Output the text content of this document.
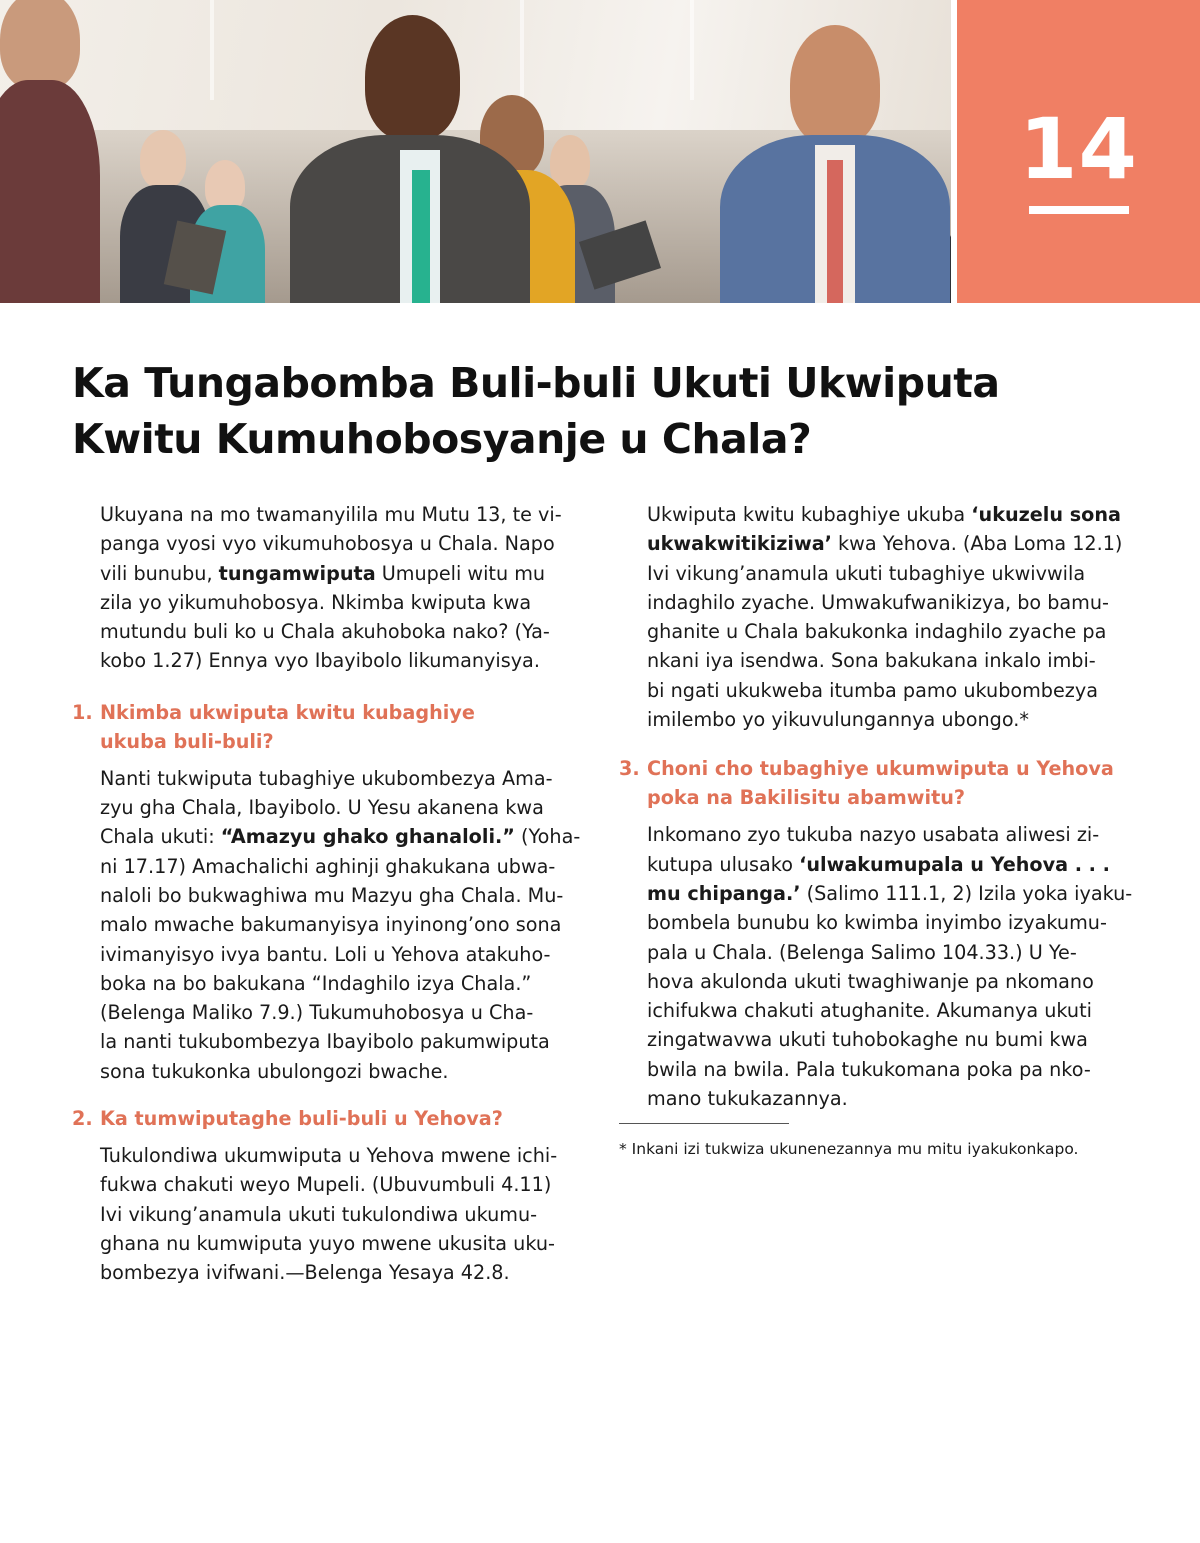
14
Ka Tungabomba Buli-buli Ukuti Ukwiputa
Kwitu Kumuhobosyanje u Chala?
Ukuyana na mo twamanyilila mu Mutu 13, te vi-
panga vyosi vyo vikumuhobosya u Chala. Napo
vili bunubu, tungamwiputa Umupeli witu mu
zila yo yikumuhobosya. Nkimba kwiputa kwa
mutundu buli ko u Chala akuhoboka nako? (Ya-
kobo 1.27) Ennya vyo Ibayibolo likumanyisya.
1. Nkimba ukwiputa kwitu kubaghiye
ukuba buli-buli?
Nanti tukwiputa tubaghiye ukubombezya Ama-
zyu gha Chala, Ibayibolo. U Yesu akanena kwa
Chala ukuti: “Amazyu ghako ghanaloli.” (Yoha-
ni 17.17) Amachalichi aghinji ghakukana ubwa-
naloli bo bukwaghiwa mu Mazyu gha Chala. Mu-
malo mwache bakumanyisya inyinong’ono sona
ivimanyisyo ivya bantu. Loli u Yehova atakuho-
boka na bo bakukana “Indaghilo izya Chala.”
(Belenga Maliko 7.9.) Tukumuhobosya u Cha-
la nanti tukubombezya Ibayibolo pakumwiputa
sona tukukonka ubulongozi bwache.
2. Ka tumwiputaghe buli-buli u Yehova?
Tukulondiwa ukumwiputa u Yehova mwene ichi-
fukwa chakuti weyo Mupeli. (Ubuvumbuli 4.11)
Ivi vikung’anamula ukuti tukulondiwa ukumu-
ghana nu kumwiputa yuyo mwene ukusita uku-
bombezya ivifwani.—Belenga Yesaya 42.8.
Ukwiputa kwitu kubaghiye ukuba ‘ukuzelu sona
ukwakwitikiziwa’ kwa Yehova. (Aba Loma 12.1)
Ivi vikung’anamula ukuti tubaghiye ukwivwila
indaghilo zyache. Umwakufwanikizya, bo bamu-
ghanite u Chala bakukonka indaghilo zyache pa
nkani iya isendwa. Sona bakukana inkalo imbi-
bi ngati ukukweba itumba pamo ukubombezya
imilembo yo yikuvulungannya ubongo.*
3. Choni cho tubaghiye ukumwiputa u Yehova
poka na Bakilisitu abamwitu?
Inkomano zyo tukuba nazyo usabata aliwesi zi-
kutupa ulusako ‘ulwakumupala u Yehova . . .
mu chipanga.’ (Salimo 111.1, 2) Izila yoka iyaku-
bombela bunubu ko kwimba inyimbo izyakumu-
pala u Chala. (Belenga Salimo 104.33.) U Ye-
hova akulonda ukuti twaghiwanje pa nkomano
ichifukwa chakuti atughanite. Akumanya ukuti
zingatwavwa ukuti tuhobokaghe nu bumi kwa
bwila na bwila. Pala tukukomana poka pa nko-
mano tukukazannya.
* Inkani izi tukwiza ukunenezannya mu mitu iyakukonkapo.
